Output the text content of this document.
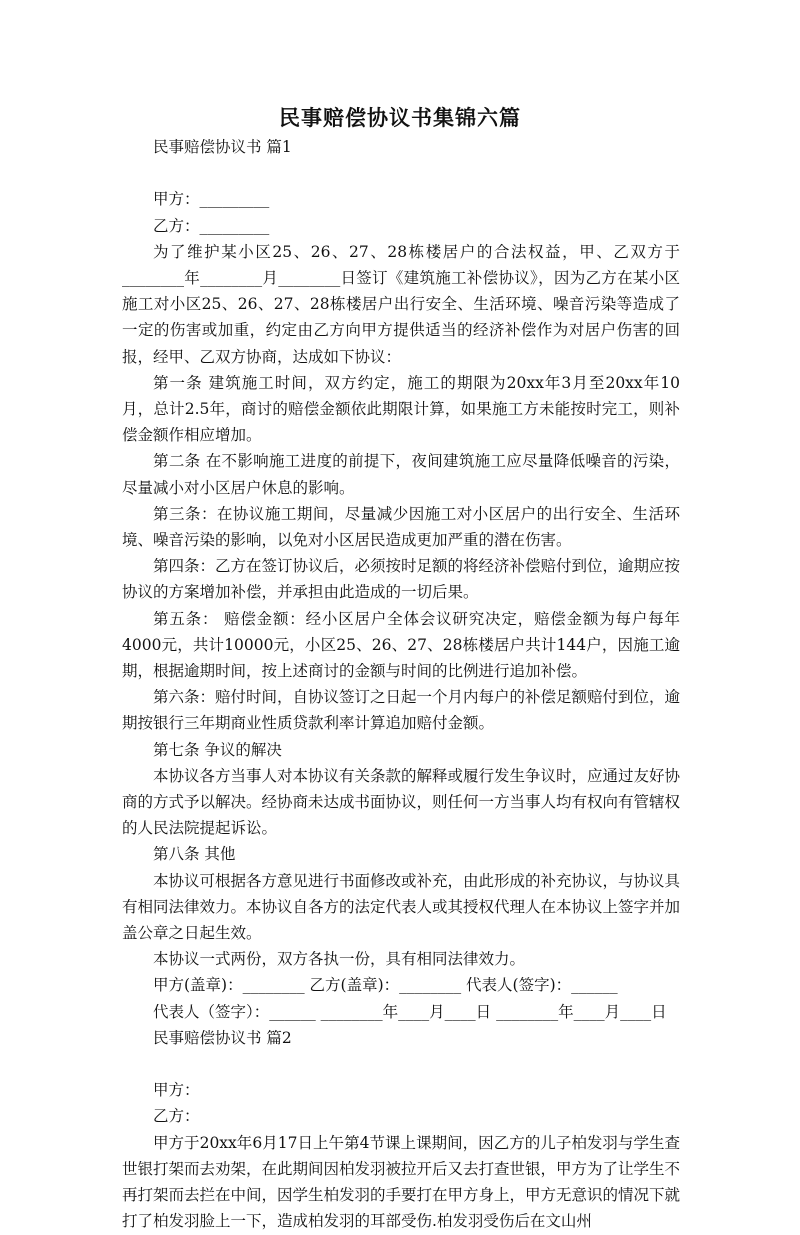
民事赔偿协议书集锦六篇

民事赔偿协议书 篇1

甲方：_________

乙方：_________

为了维护某小区25、26、27、28栋楼居户的合法权益，甲、乙双方于________年________月________日签订《建筑施工补偿协议》，因为乙方在某小区施工对小区25、26、27、28栋楼居户出行安全、生活环境、噪音污染等造成了一定的伤害或加重，约定由乙方向甲方提供适当的经济补偿作为对居户伤害的回报，经甲、乙双方协商，达成如下协议：

第一条 建筑施工时间，双方约定，施工的期限为20xx年3月至20xx年10月，总计2.5年，商讨的赔偿金额依此期限计算，如果施工方未能按时完工，则补偿金额作相应增加。

第二条 在不影响施工进度的前提下，夜间建筑施工应尽量降低噪音的污染，尽量减小对小区居户休息的影响。

第三条：在协议施工期间，尽量减少因施工对小区居户的出行安全、生活环境、噪音污染的影响，以免对小区居民造成更加严重的潜在伤害。

第四条：乙方在签订协议后，必须按时足额的将经济补偿赔付到位，逾期应按协议的方案增加补偿，并承担由此造成的一切后果。

第五条： 赔偿金额：经小区居户全体会议研究决定，赔偿金额为每户每年4000元，共计10000元，小区25、26、27、28栋楼居户共计144户，因施工逾期，根据逾期时间，按上述商讨的金额与时间的比例进行追加补偿。

第六条：赔付时间，自协议签订之日起一个月内每户的补偿足额赔付到位，逾期按银行三年期商业性质贷款利率计算追加赔付金额。

第七条 争议的解决

本协议各方当事人对本协议有关条款的解释或履行发生争议时，应通过友好协商的方式予以解决。经协商未达成书面协议，则任何一方当事人均有权向有管辖权的人民法院提起诉讼。

第八条 其他

本协议可根据各方意见进行书面修改或补充，由此形成的补充协议，与协议具有相同法律效力。本协议自各方的法定代表人或其授权代理人在本协议上签字并加盖公章之日起生效。

本协议一式两份，双方各执一份，具有相同法律效力。

甲方(盖章)：________ 乙方(盖章)：________ 代表人(签字)：______

代表人（签字）：______ ________年____月____日 ________年____月____日

民事赔偿协议书 篇2

甲方：

乙方：

甲方于20xx年6月17日上午第4节课上课期间，因乙方的儿子柏发羽与学生查世银打架而去劝架，在此期间因柏发羽被拉开后又去打查世银，甲方为了让学生不再打架而去拦在中间，因学生柏发羽的手要打在甲方身上，甲方无意识的情况下就打了柏发羽脸上一下，造成柏发羽的耳部受伤.柏发羽受伤后在文山州
